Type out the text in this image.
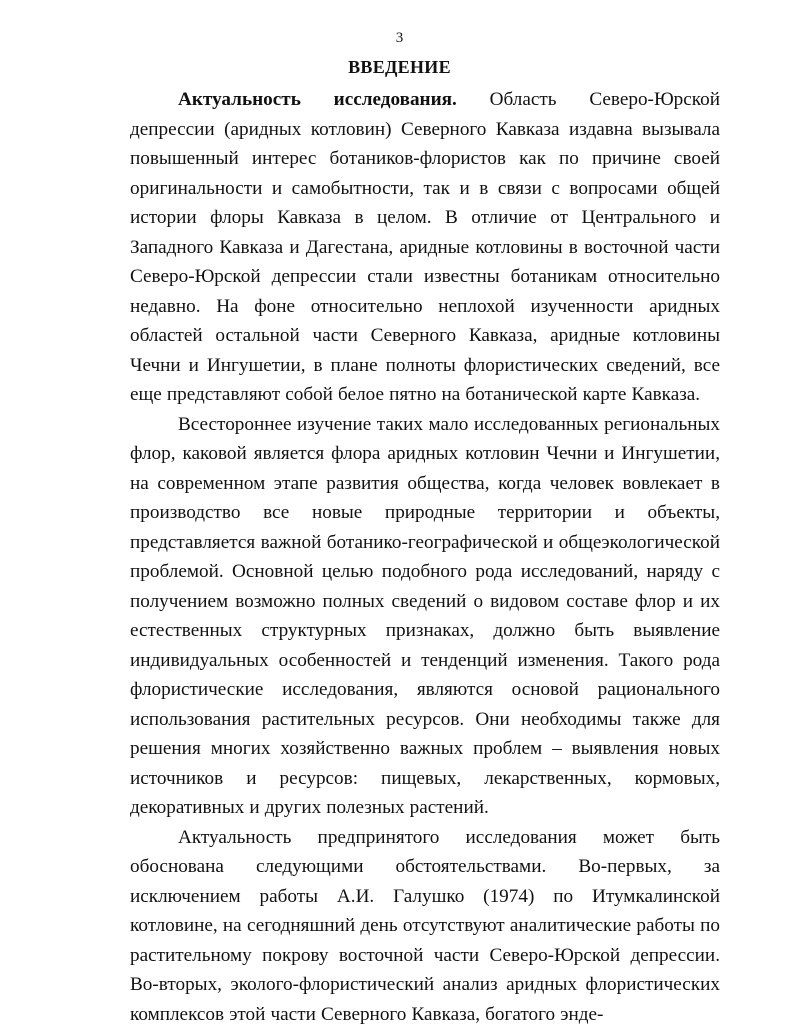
3
ВВЕДЕНИЕ

Актуальность исследования. Область Северо-Юрской депрессии (аридных котловин) Северного Кавказа издавна вызывала повышенный интерес ботаников-флористов как по причине своей оригинальности и самобытности, так и в связи с вопросами общей истории флоры Кавказа в целом. В отличие от Центрального и Западного Кавказа и Дагестана, аридные котловины в восточной части Северо-Юрской депрессии стали известны ботаникам относительно недавно. На фоне относительно неплохой изученности аридных областей остальной части Северного Кавказа, аридные котловины Чечни и Ингушетии, в плане полноты флористических сведений, все еще представляют собой белое пятно на ботанической карте Кавказа.

Всестороннее изучение таких мало исследованных региональных флор, каковой является флора аридных котловин Чечни и Ингушетии, на современном этапе развития общества, когда человек вовлекает в производство все новые природные территории и объекты, представляется важной ботанико-географической и общеэкологической проблемой. Основной целью подобного рода исследований, наряду с получением возможно полных сведений о видовом составе флор и их естественных структурных признаках, должно быть выявление индивидуальных особенностей и тенденций изменения. Такого рода флористические исследования, являются основой рационального использования растительных ресурсов. Они необходимы также для решения многих хозяйственно важных проблем – выявления новых источников и ресурсов: пищевых, лекарственных, кормовых, декоративных и других полезных растений.

Актуальность предпринятого исследования может быть обоснована следующими обстоятельствами. Во-первых, за исключением работы А.И. Галушко (1974) по Итумкалинской котловине, на сегодняшний день отсутствуют аналитические работы по растительному покрову восточной части Северо-Юрской депрессии. Во-вторых, эколого-флористический анализ аридных флористических комплексов этой части Северного Кавказа, богатого энде-
